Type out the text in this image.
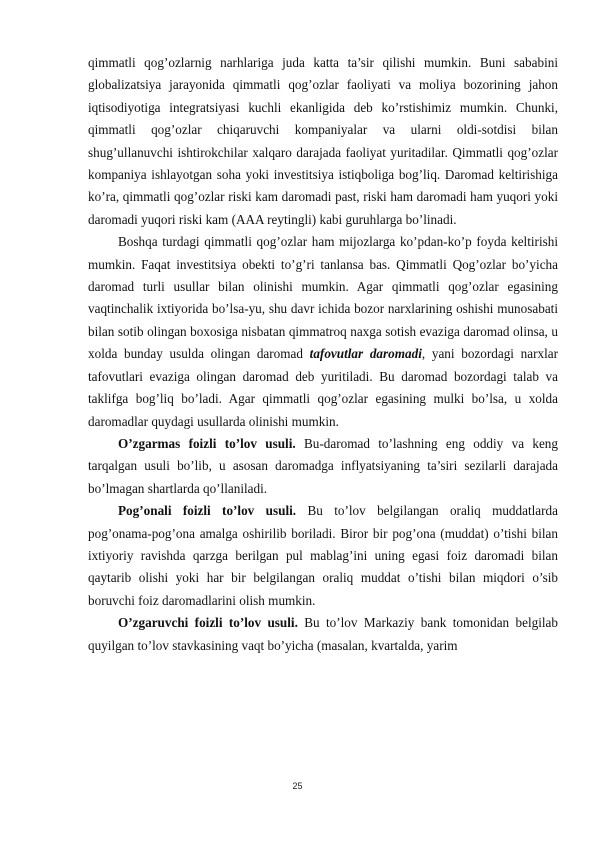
qimmatli qog’ozlarnig narhlariga juda katta ta’sir qilishi mumkin. Buni sababini globalizatsiya jarayonida qimmatli qog’ozlar faoliyati va moliya bozorining jahon iqtisodiyotiga integratsiyasi kuchli ekanligida deb ko’rstishimiz mumkin. Chunki, qimmatli qog’ozlar chiqaruvchi kompaniyalar va ularni oldi-sotdisi bilan shug’ullanuvchi ishtirokchilar xalqaro darajada faoliyat yuritadilar. Qimmatli qog’ozlar kompaniya ishlayotgan soha yoki investitsiya istiqboliga bog’liq. Daromad keltirishiga ko’ra, qimmatli qog’ozlar riski kam daromadi past, riski ham daromadi ham yuqori yoki daromadi yuqori riski kam (AAA reytingli) kabi guruhlarga bo’linadi.

Boshqa turdagi qimmatli qog’ozlar ham mijozlarga ko’pdan-ko’p foyda keltirishi mumkin. Faqat investitsiya obekti to’g’ri tanlansa bas. Qimmatli Qog’ozlar bo’yicha daromad turli usullar bilan olinishi mumkin. Agar qimmatli qog’ozlar egasining vaqtinchalik ixtiyorida bo’lsa-yu, shu davr ichida bozor narxlarining oshishi munosabati bilan sotib olingan boxosiga nisbatan qimmatroq naxga sotish evaziga daromad olinsa, u xolda bunday usulda olingan daromad tafovutlar daromadi, yani bozordagi narxlar tafovutlari evaziga olingan daromad deb yuritiladi. Bu daromad bozordagi talab va taklifga bog’liq bo’ladi. Agar qimmatli qog’ozlar egasining mulki bo’lsa, u xolda daromadlar quydagi usullarda olinishi mumkin.

O’zgarmas foizli to’lov usuli. Bu-daromad to’lashning eng oddiy va keng tarqalgan usuli bo’lib, u asosan daromadga inflyatsiyaning ta’siri sezilarli darajada bo’lmagan shartlarda qo’llaniladi.

Pog’onali foizli to’lov usuli. Bu to’lov belgilangan oraliq muddatlarda pog’onama-pog’ona amalga oshirilib boriladi. Biror bir pog’ona (muddat) o’tishi bilan ixtiyoriy ravishda qarzga berilgan pul mablag’ini uning egasi foiz daromadi bilan qaytarib olishi yoki har bir belgilangan oraliq muddat o’tishi bilan miqdori o’sib boruvchi foiz daromadlarini olish mumkin.

O’zgaruvchi foizli to’lov usuli. Bu to’lov Markaziy bank tomonidan belgilab quyilgan to’lov stavkasining vaqt bo’yicha (masalan, kvartalda, yarim

25
